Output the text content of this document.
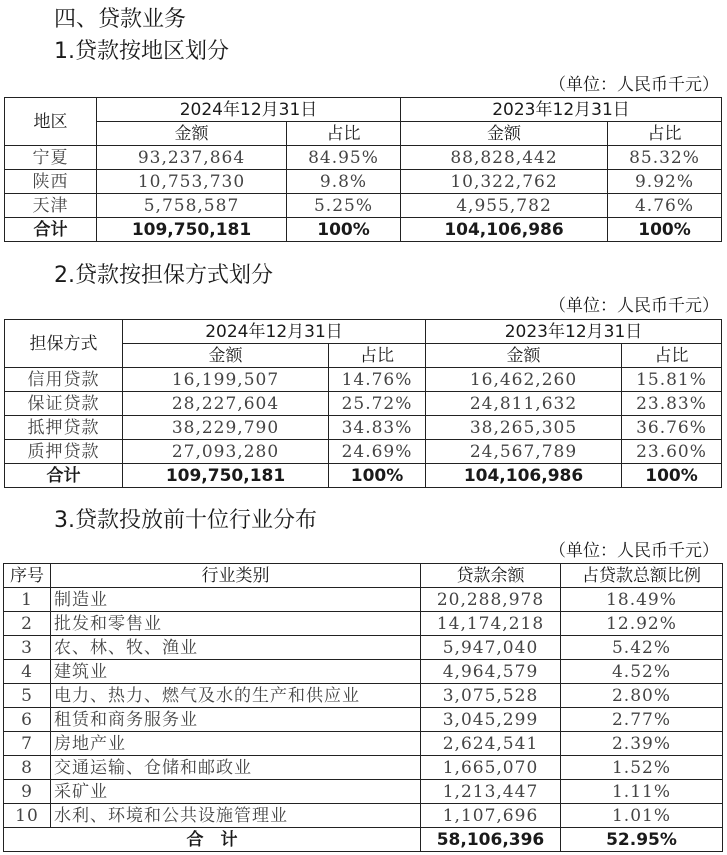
四、贷款业务
1.贷款按地区划分
（单位：人民币千元）
地区	2024年12月31日		2023年12月31日	
	金额	占比	金额	占比
宁夏	93,237,864	84.95%	88,828,442	85.32%
陕西	10,753,730	9.8%	10,322,762	9.92%
天津	5,758,587	5.25%	4,955,782	4.76%
合计	109,750,181	100%	104,106,986	100%
2.贷款按担保方式划分
（单位：人民币千元）
担保方式	2024年12月31日		2023年12月31日	
	金额	占比	金额	占比
信用贷款	16,199,507	14.76%	16,462,260	15.81%
保证贷款	28,227,604	25.72%	24,811,632	23.83%
抵押贷款	38,229,790	34.83%	38,265,305	36.76%
质押贷款	27,093,280	24.69%	24,567,789	23.60%
合计	109,750,181	100%	104,106,986	100%
3.贷款投放前十位行业分布
（单位：人民币千元）
序号	行业类别	贷款余额	占贷款总额比例
1	制造业	20,288,978	18.49%
2	批发和零售业	14,174,218	12.92%
3	农、林、牧、渔业	5,947,040	5.42%
4	建筑业	4,964,579	4.52%
5	电力、热力、燃气及水的生产和供应业	3,075,528	2.80%
6	租赁和商务服务业	3,045,299	2.77%
7	房地产业	2,624,541	2.39%
8	交通运输、仓储和邮政业	1,665,070	1.52%
9	采矿业	1,213,447	1.11%
10	水利、环境和公共设施管理业	1,107,696	1.01%
合　计		58,106,396	52.95%
